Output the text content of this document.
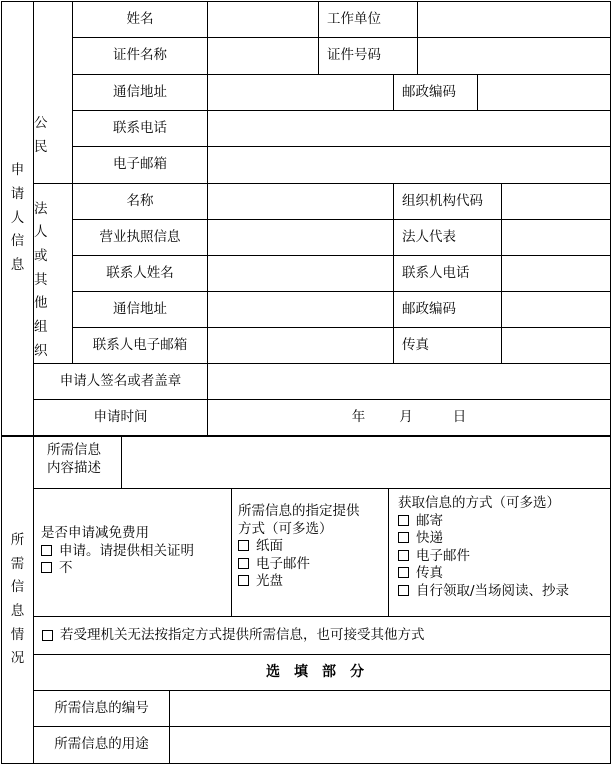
申
请
人
信
息
公
民
姓名	工作单位
证件名称	证件号码
通信地址	邮政编码
联系电话
电子邮箱
法
人
或
其
他
组
织
名称	组织机构代码
营业执照信息	法人代表
联系人姓名	联系人电话
通信地址	邮政编码
联系人电子邮箱	传真
申请人签名或者盖章
申请时间	年	月	日
所
需
信
息
情
况
所需信息
内容描述
是否申请减免费用
申请。请提供相关证明
不
所需信息的指定提供
方式（可多选）
纸面
电子邮件
光盘
获取信息的方式（可多选）
邮寄
快递
电子邮件
传真
自行领取/当场阅读、抄录
若受理机关无法按指定方式提供所需信息，也可接受其他方式
选填部分
所需信息的编号
所需信息的用途
